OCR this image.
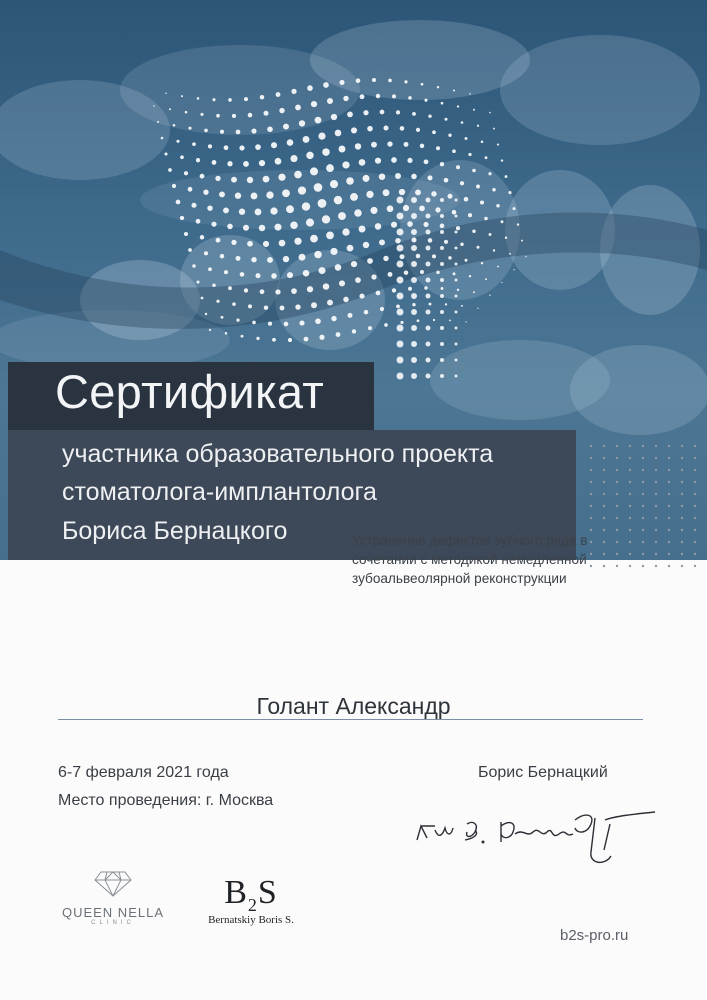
Сертификат
участника образовательного проекта
стоматолога-имплантолога
Бориса Бернацкого	Устранение дефектов зубного ряда в сочетании с методикой немедленной зубоальвеолярной реконструкции
Голант Александр
6-7 февраля 2021 года
Место проведения: г. Москва
Борис Бернацкий
QUEEN NELLA
CLINIC
$B_2S$
Bernatskiy Boris S.
b2s-pro.ru
